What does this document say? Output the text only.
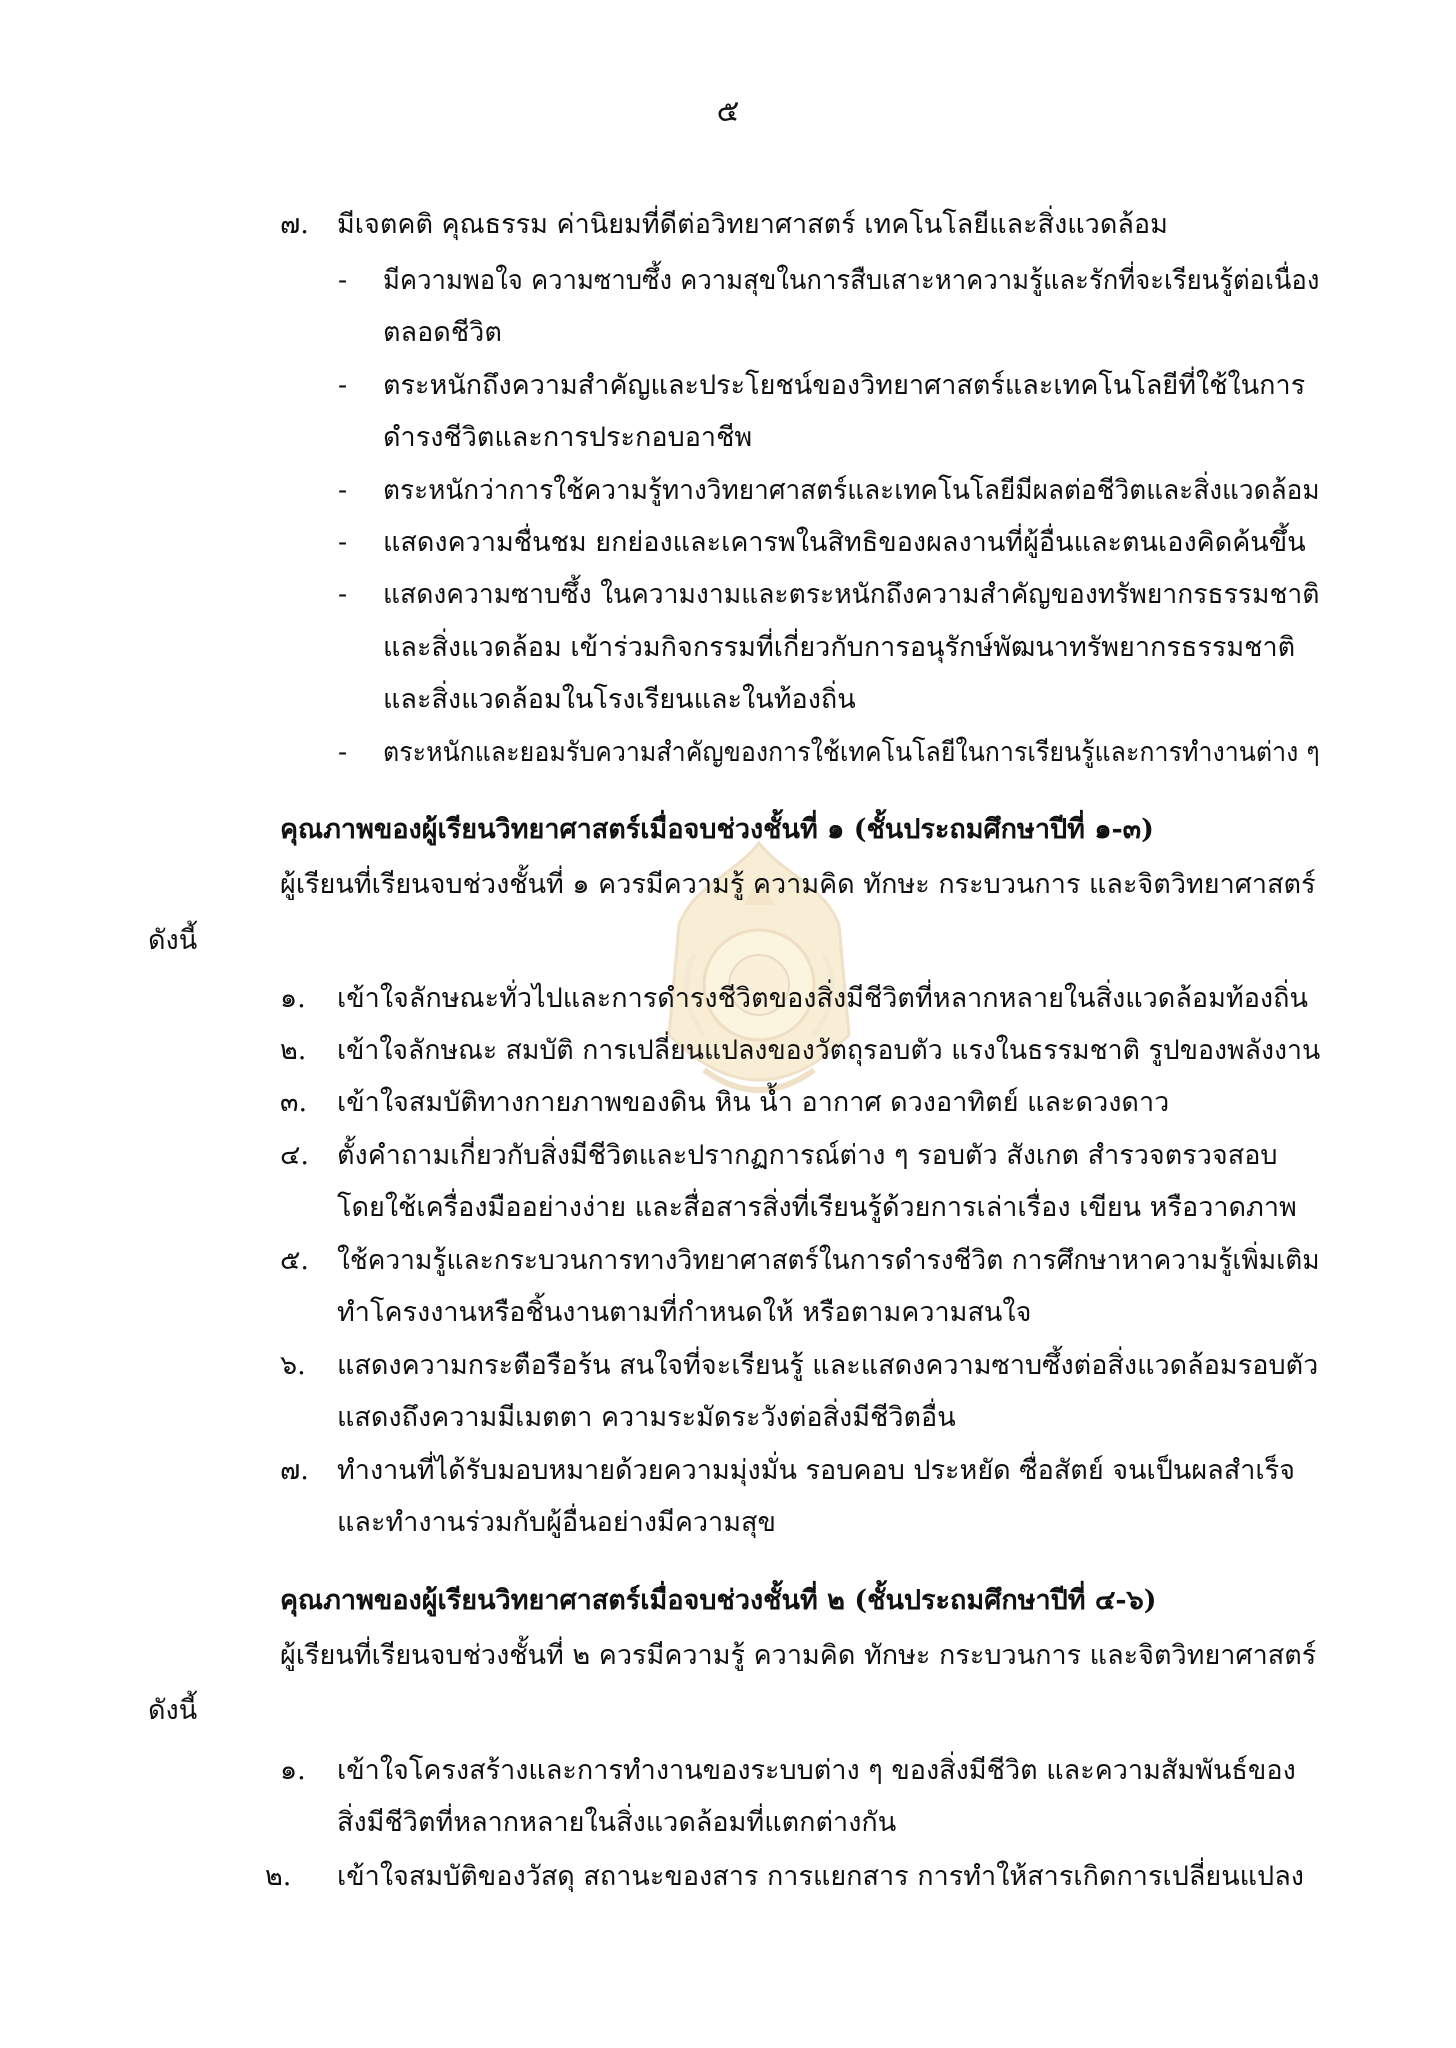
๕
๗. มีเจตคติ คุณธรรม ค่านิยมที่ดีต่อวิทยาศาสตร์ เทคโนโลยีและสิ่งแวดล้อม
- มีความพอใจ ความซาบซึ้ง ความสุขในการสืบเสาะหาความรู้และรักที่จะเรียนรู้ต่อเนื่อง
ตลอดชีวิต
- ตระหนักถึงความสำคัญและประโยชน์ของวิทยาศาสตร์และเทคโนโลยีที่ใช้ในการ
ดำรงชีวิตและการประกอบอาชีพ
- ตระหนักว่าการใช้ความรู้ทางวิทยาศาสตร์และเทคโนโลยีมีผลต่อชีวิตและสิ่งแวดล้อม
- แสดงความชื่นชม ยกย่องและเคารพในสิทธิของผลงานที่ผู้อื่นและตนเองคิดค้นขึ้น
- แสดงความซาบซึ้ง ในความงามและตระหนักถึงความสำคัญของทรัพยากรธรรมชาติ
และสิ่งแวดล้อม เข้าร่วมกิจกรรมที่เกี่ยวกับการอนุรักษ์พัฒนาทรัพยากรธรรมชาติ
และสิ่งแวดล้อมในโรงเรียนและในท้องถิ่น
- ตระหนักและยอมรับความสำคัญของการใช้เทคโนโลยีในการเรียนรู้และการทำงานต่าง ๆ
คุณภาพของผู้เรียนวิทยาศาสตร์เมื่อจบช่วงชั้นที่ ๑ (ชั้นประถมศึกษาปีที่ ๑-๓)
ผู้เรียนที่เรียนจบช่วงชั้นที่ ๑ ควรมีความรู้ ความคิด ทักษะ กระบวนการ และจิตวิทยาศาสตร์
ดังนี้
๑. เข้าใจลักษณะทั่วไปและการดำรงชีวิตของสิ่งมีชีวิตที่หลากหลายในสิ่งแวดล้อมท้องถิ่น
๒. เข้าใจลักษณะ สมบัติ การเปลี่ยนแปลงของวัตถุรอบตัว แรงในธรรมชาติ รูปของพลังงาน
๓. เข้าใจสมบัติทางกายภาพของดิน หิน น้ำ อากาศ ดวงอาทิตย์ และดวงดาว
๔. ตั้งคำถามเกี่ยวกับสิ่งมีชีวิตและปรากฏการณ์ต่าง ๆ รอบตัว สังเกต สำรวจตรวจสอบ
โดยใช้เครื่องมืออย่างง่าย และสื่อสารสิ่งที่เรียนรู้ด้วยการเล่าเรื่อง เขียน หรือวาดภาพ
๕. ใช้ความรู้และกระบวนการทางวิทยาศาสตร์ในการดำรงชีวิต การศึกษาหาความรู้เพิ่มเติม
ทำโครงงานหรือชิ้นงานตามที่กำหนดให้ หรือตามความสนใจ
๖. แสดงความกระตือรือร้น สนใจที่จะเรียนรู้ และแสดงความซาบซึ้งต่อสิ่งแวดล้อมรอบตัว
แสดงถึงความมีเมตตา ความระมัดระวังต่อสิ่งมีชีวิตอื่น
๗. ทำงานที่ได้รับมอบหมายด้วยความมุ่งมั่น รอบคอบ ประหยัด ซื่อสัตย์ จนเป็นผลสำเร็จ
และทำงานร่วมกับผู้อื่นอย่างมีความสุข
คุณภาพของผู้เรียนวิทยาศาสตร์เมื่อจบช่วงชั้นที่ ๒ (ชั้นประถมศึกษาปีที่ ๔-๖)
ผู้เรียนที่เรียนจบช่วงชั้นที่ ๒ ควรมีความรู้ ความคิด ทักษะ กระบวนการ และจิตวิทยาศาสตร์
ดังนี้
๑. เข้าใจโครงสร้างและการทำงานของระบบต่าง ๆ ของสิ่งมีชีวิต และความสัมพันธ์ของ
สิ่งมีชีวิตที่หลากหลายในสิ่งแวดล้อมที่แตกต่างกัน
๒. เข้าใจสมบัติของวัสดุ สถานะของสาร การแยกสาร การทำให้สารเกิดการเปลี่ยนแปลง
